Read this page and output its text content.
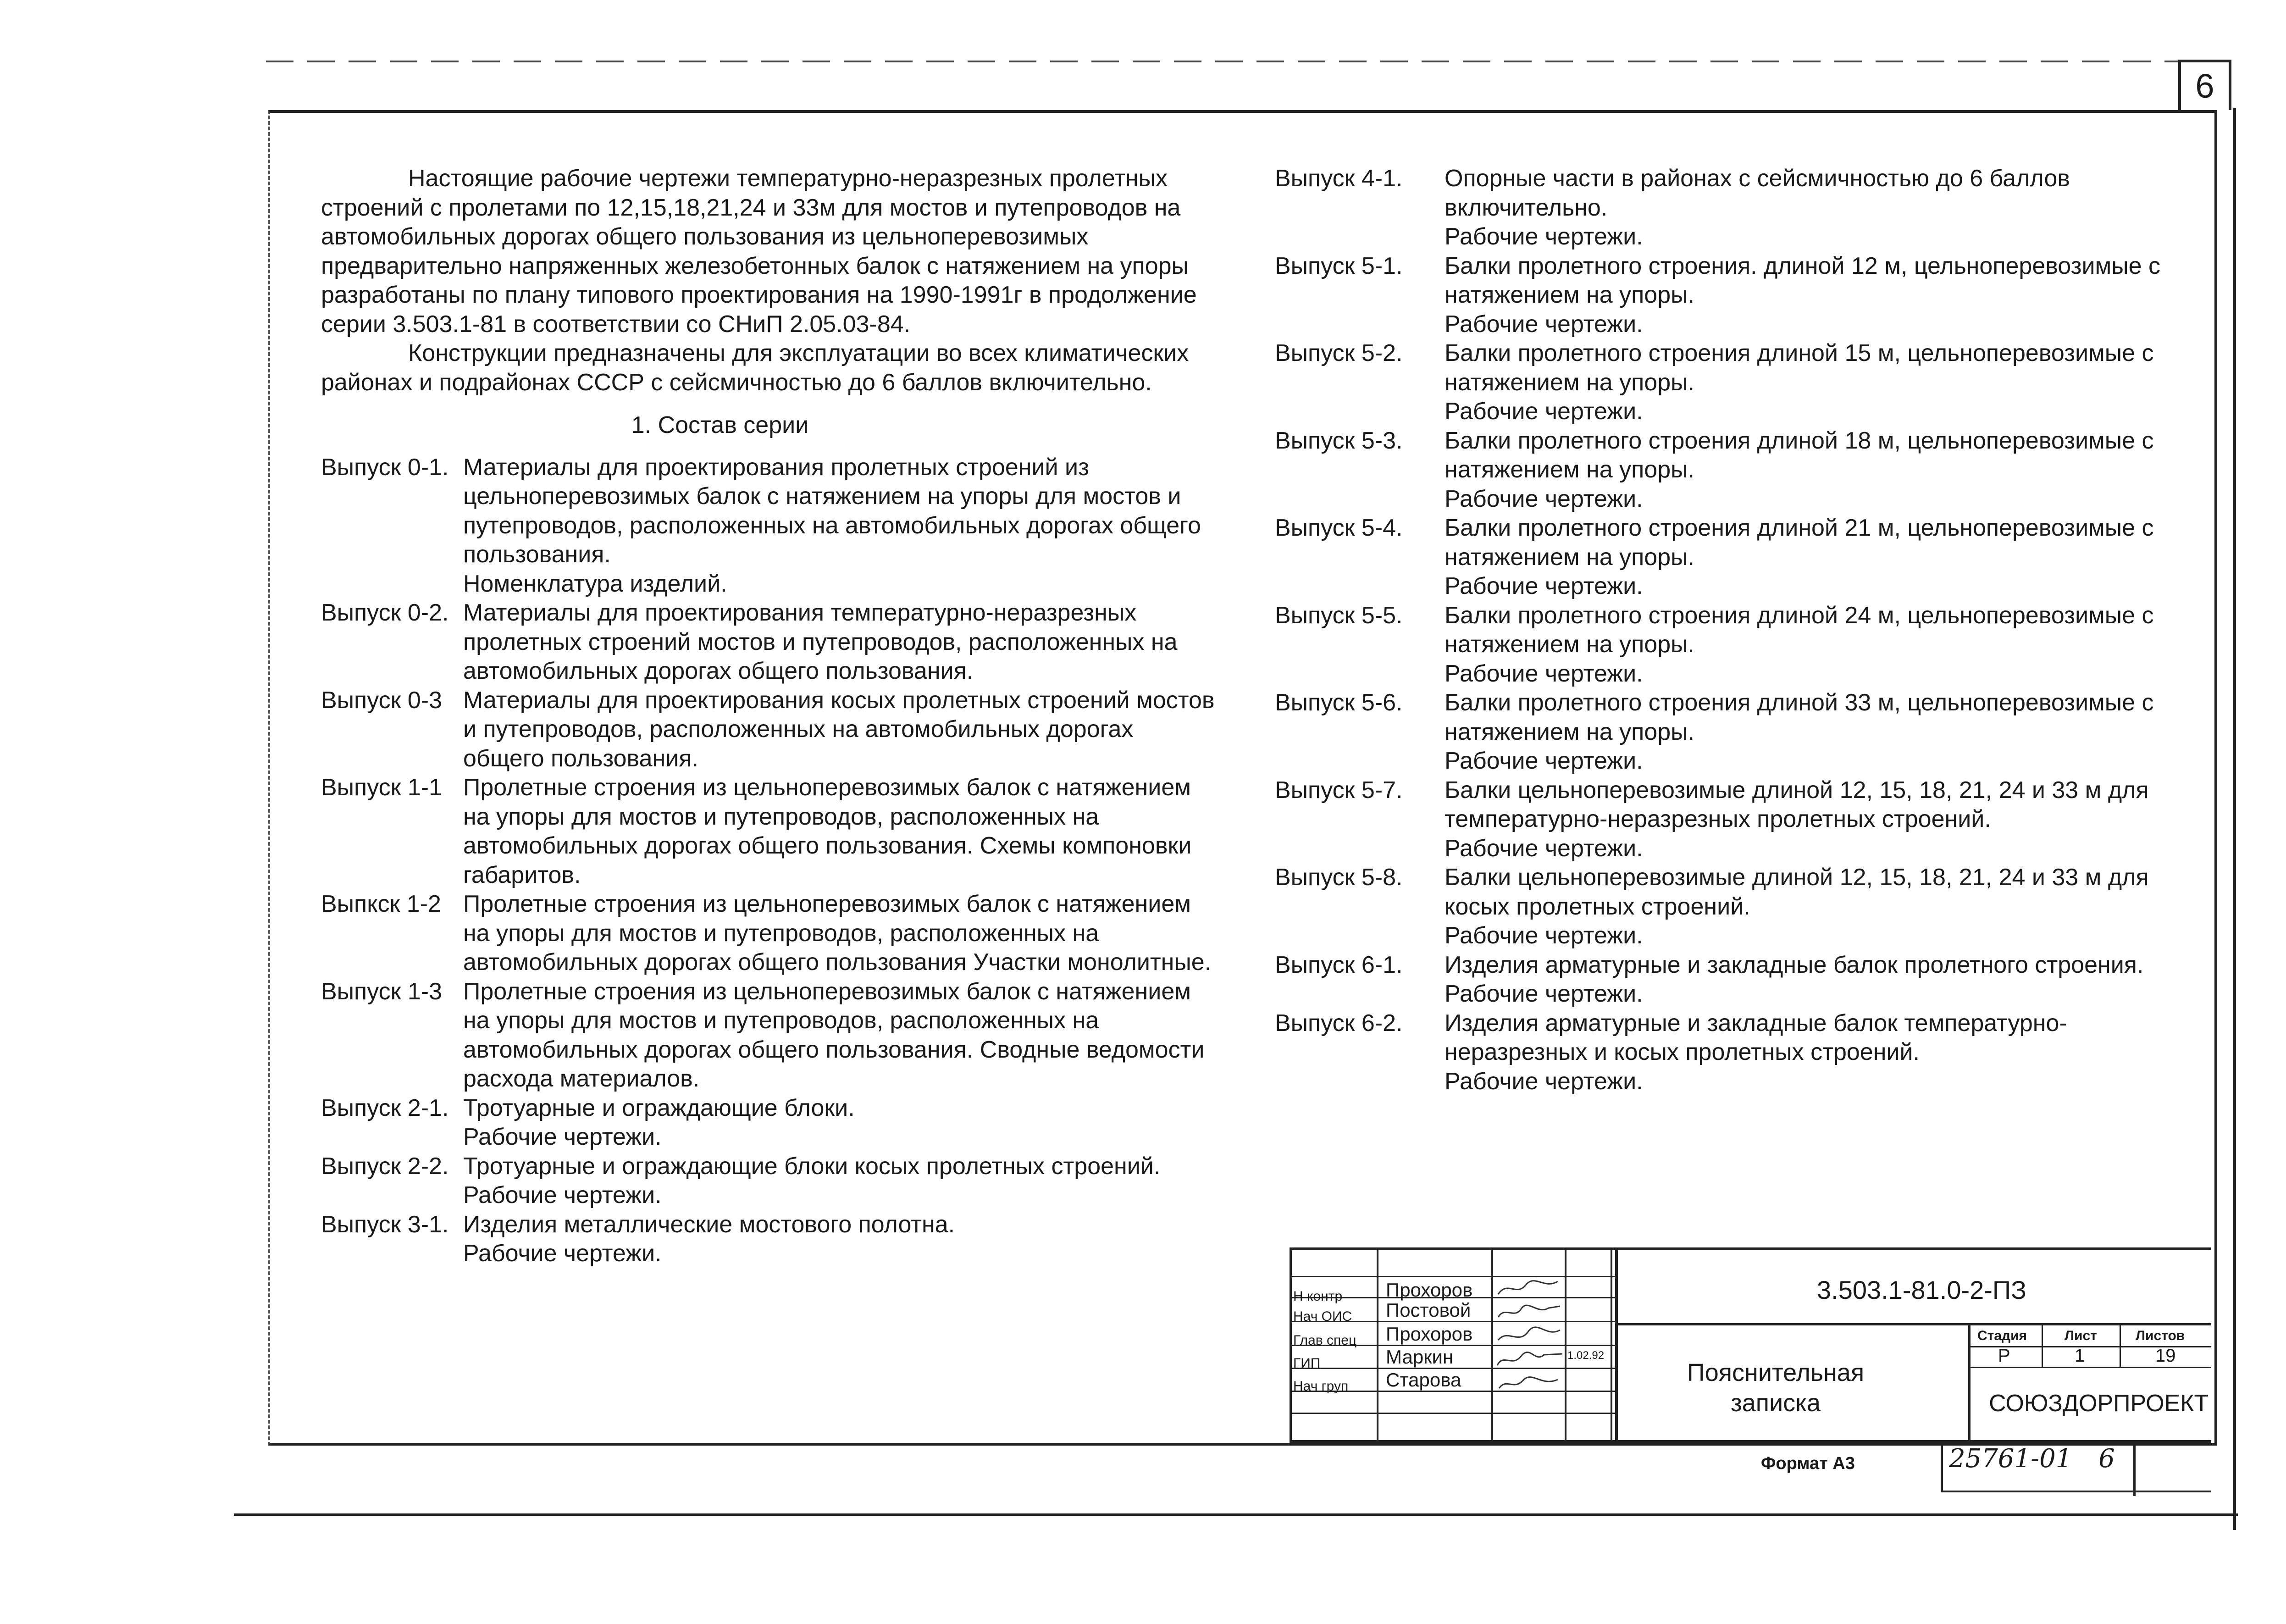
6

Настоящие рабочие чертежи температурно-неразрезных пролетных строений с пролетами по 12,15,18,21,24 и 33м для мостов и путепроводов на автомобильных дорогах общего пользования из цельноперевозимых предварительно напряженных железобетонных балок с натяжением на упоры разработаны по плану типового проектирования на 1990-1991г в продолжение серии 3.503.1-81 в соответствии со СНиП 2.05.03-84.

Конструкции предназначены для эксплуатации во всех климатических районах и подрайонах СССР с сейсмичностью до 6 баллов включительно.

1. Состав серии

Выпуск 0-1. Материалы для проектирования пролетных строений из цельноперевозимых балок с натяжением на упоры для мостов и путепроводов, расположенных на автомобильных дорогах общего пользования.
Номенклатура изделий.
Выпуск 0-2. Материалы для проектирования температурно-неразрезных пролетных строений мостов и путепроводов, расположенных на автомобильных дорогах общего пользования.
Выпуск 0-3 Материалы для проектирования косых пролетных строений мостов и путепроводов, расположенных на автомобильных дорогах общего пользования.
Выпуск 1-1 Пролетные строения из цельноперевозимых балок с натяжением на упоры для мостов и путепроводов, расположенных на автомобильных дорогах общего пользования. Схемы компоновки габаритов.
Выпкск 1-2 Пролетные строения из цельноперевозимых балок с натяжением на упоры для мостов и путепроводов, расположенных на автомобильных дорогах общего пользования Участки монолитные.
Выпуск 1-3 Пролетные строения из цельноперевозимых балок с натяжением на упоры для мостов и путепроводов, расположенных на автомобильных дорогах общего пользования. Сводные ведомости расхода материалов.
Выпуск 2-1. Тротуарные и ограждающие блоки.
Рабочие чертежи.
Выпуск 2-2. Тротуарные и ограждающие блоки косых пролетных строений. Рабочие чертежи.
Выпуск 3-1. Изделия металлические мостового полотна.
Рабочие чертежи.
Выпуск 4-1.	Опорные части в районах с сейсмичностью до 6 баллов включительно.
Рабочие чертежи.
Выпуск 5-1.	Балки пролетного строения. длиной 12 м, цельноперевозимые с натяжением на упоры.
Рабочие чертежи.
Выпуск 5-2.	Балки пролетного строения длиной 15 м, цельноперевозимые с натяжением на упоры.
Рабочие чертежи.
Выпуск 5-3.	Балки пролетного строения длиной 18 м, цельноперевозимые с натяжением на упоры.
Рабочие чертежи.
Выпуск 5-4.	Балки пролетного строения длиной 21 м, цельноперевозимые с натяжением на упоры.
Рабочие чертежи.
Выпуск 5-5.	Балки пролетного строения длиной 24 м, цельноперевозимые с натяжением на упоры.
Рабочие чертежи.
Выпуск 5-6.	Балки пролетного строения длиной 33 м, цельноперевозимые с натяжением на упоры.
Рабочие чертежи.
Выпуск 5-7.	Балки цельноперевозимые длиной 12, 15, 18, 21, 24 и 33 м для температурно-неразрезных пролетных строений.
Рабочие чертежи.
Выпуск 5-8.	Балки цельноперевозимые длиной 12, 15, 18, 21, 24 и 33 м для косых пролетных строений.
Рабочие чертежи.
Выпуск 6-1.	Изделия арматурные и закладные балок пролетного строения.
Рабочие чертежи.
Выпуск 6-2.	Изделия арматурные и закладные балок температурно-неразрезных и косых пролетных строений.
Рабочие чертежи.
Н контр Прохоров
Нач ОИС Постовой
Глав спец Прохоров
ГИП	Маркин
Нач груп Старова
1.02.92
3.503.1-81.0-2-ПЗ
Пояснительная
записка
Стадия	Лист	Листов
Р	1	19
СОЮЗДОРПРОЕКТ
Формат А3	25761-01 6
